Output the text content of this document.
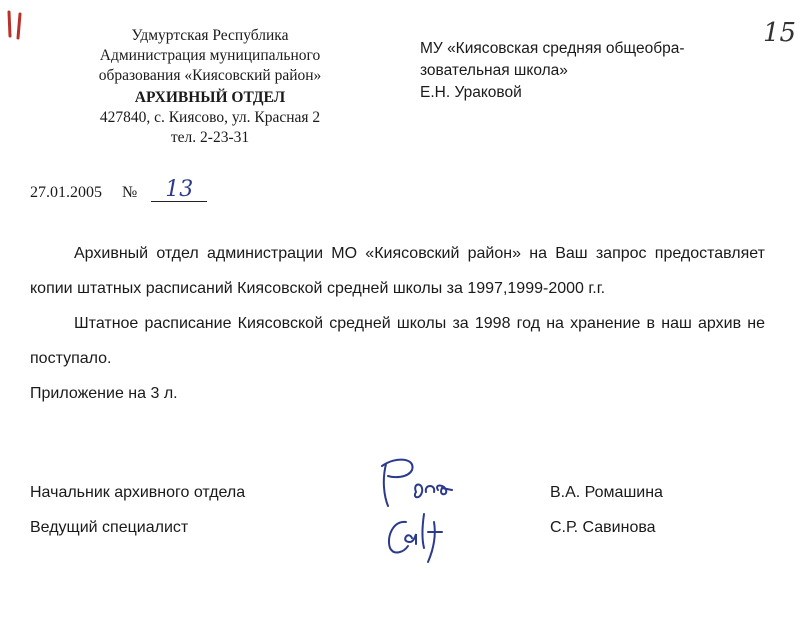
15
Удмуртская Республика
Администрация муниципального
образования «Киясовский район»
АРХИВНЫЙ ОТДЕЛ
427840, с. Киясово, ул. Красная 2
тел. 2-23-31
МУ «Киясовская средняя общеобра-
зовательная школа»
Е.Н. Ураковой
27.01.2005 № 13

Архивный отдел администрации МО «Киясовский район» на Ваш запрос предоставляет копии штатных расписаний Киясовской средней школы за 1997,1999-2000 г.г.

Штатное расписание Киясовской средней школы за 1998 год на хранение в наш архив не поступало.

Приложение на 3 л.

Начальник архивного отдела	В.А. Ромашина
Ведущий специалист	С.Р. Савинова
